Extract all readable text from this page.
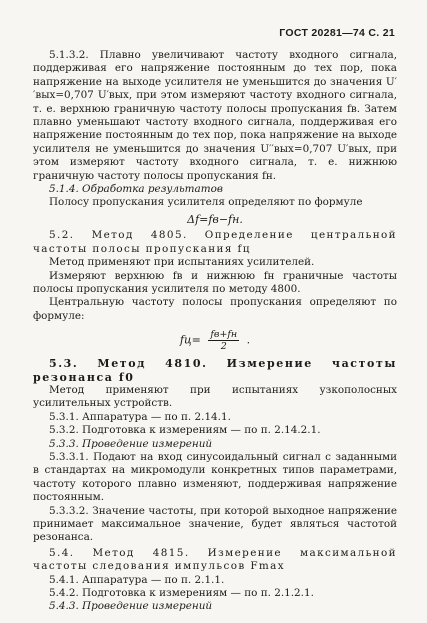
ГОСТ 20281—74 С. 21

5.1.3.2. Плавно увеличивают частоту входного сигнала, поддерживая его напряжение постоянным до тех пор, пока напряжение на выходе усилителя не уменьшится до значения U′′вых=0,707 U′вых, при этом измеряют частоту входного сигнала, т. е. верхнюю граничную частоту полосы пропускания fв. Затем плавно уменьшают частоту входного сигнала, поддерживая его напряжение постоянным до тех пор, пока напряжение на выходе усилителя не уменьшится до значения U′′вых=0,707 U′вых, при этом измеряют частоту входного сигнала, т. е. нижнюю граничную частоту полосы пропускания fн.

5.1.4. Обработка результатов

Полосу пропускания усилителя определяют по формуле

Δf=fв−fн.

5.2. Метод 4805. Определение центральной частоты полосы пропускания fц

Метод применяют при испытаниях усилителей.

Измеряют верхнюю fв и нижнюю fн граничные частоты полосы пропускания усилителя по методу 4800.

Центральную частоту полосы пропускания определяют по формуле:

$fц= \frac{fв+fн}{2}$ .

5.3. Метод 4810. Измерение частоты резонанса f0

Метод применяют при испытаниях узкополосных усилительных устройств.

5.3.1. Аппаратура — по п. 2.14.1.

5.3.2. Подготовка к измерениям — по п. 2.14.2.1.

5.3.3. Проведение измерений

5.3.3.1. Подают на вход синусоидальный сигнал с заданными в стандартах на микромодули конкретных типов параметрами, частоту которого плавно изменяют, поддерживая напряжение постоянным.

5.3.3.2. Значение частоты, при которой выходное напряжение принимает максимальное значение, будет являться частотой резонанса.

5.4. Метод 4815. Измерение максимальной частоты следования импульсов Fmax

5.4.1. Аппаратура — по п. 2.1.1.

5.4.2. Подготовка к измерениям — по п. 2.1.2.1.

5.4.3. Проведение измерений
